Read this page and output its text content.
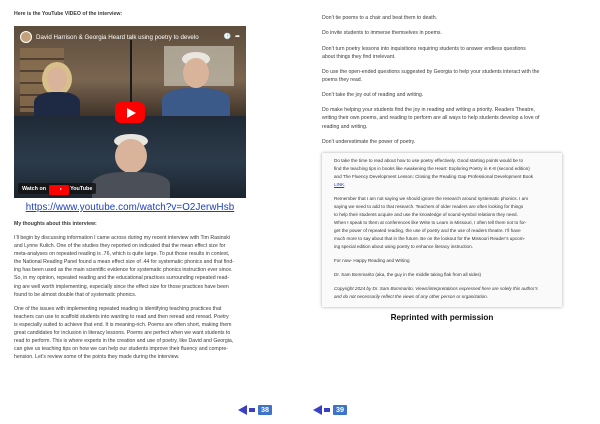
Here is the YouTube VIDEO of the interview:

David Harrison & Georgia Heard talk using poetry to develo	🕒 ➦
Watch on	YouTube
https://www.youtube.com/watch?v=O2JerwHsb

My thoughts about this interview:

I’ll begin by discussing information I came across during my recent interview with Tim Rasinski

and Lynne Kulich. One of the studies they reported on indicated that the mean effect size for

meta-analyses on repeated reading is .76, which is quite large. To put those results in context,

the National Reading Panel found a mean effect size of .44 for systematic phonics and that find-

ing has been used as the main scientific evidence for systematic phonics instruction ever since.

So, in my opinion, repeated reading and the educational practices surrounding repeated read-

ing are well worth implementing, especially since the effect size for those practices have been

found to be almost double that of systematic phonics.

One of the issues with implementing repeated reading is identifying teaching practices that

teachers can use to scaffold students into wanting to read and then reread and reread. Poetry

is especially suited to achieve that end. It is meaning-rich. Poems are often short, making them

great candidates for inclusion in literacy lessons. Poems are perfect when we want students to

read to perform. This is where experts in the creation and use of poetry, like David and Georgia,

can give us teaching tips on how we can help our students improve their fluency and compre-

hension. Let’s review some of the points they made during the interview.

Don’t tie poems to a chair and beat them to death.

Do invite students to immerse themselves in poems.

Don’t turn poetry lessons into inquisitions requiring students to answer endless questions

about things they find irrelevant.

Do use the open-ended questions suggested by Georgia to help your students interact with the

poems they read.

Don’t take the joy out of reading and writing.

Do make helping your students find the joy in reading and writing a priority. Readers Theatre,

writing their own poems, and reading to perform are all ways to help students develop a love of

reading and writing.

Don’t underestimate the power of poetry.

Do take the time to read about how to use poetry effectively. Good starting points would be to

find the teaching tips in books like Awakening the Heart: Exploring Poetry in K-8 (second edition)

and The Fluency Development Lesson: Closing the Reading Gap Professional Development Book

LINK.

Remember that I am not saying we should ignore the research around systematic phonics. I am

saying we need to add to that research. Teachers of older readers are often looking for things

to help their students acquire and use the knowledge of sound-symbol relations they need.

When I speak to them at conferences like Write to Learn in Missouri, I often tell them not to for-

get the power of repeated reading, the use of poetry and the use of readers theatre. I’ll have

much more to say about that in the future. Be on the lookout for the Missouri Reader’s upcom-

ing special edition about using poetry to enhance literacy instruction.

For now- Happy Reading and Writing

Dr. Sam Bommarito (aka, the guy in the middle taking flak from all sides)

Copyright 2024 by Dr. Sam Bommarito. Views/interpretations expressed here are solely this author’s

and do not necessarily reflect the views of any other person or organization.

Reprinted with permission
38	39
